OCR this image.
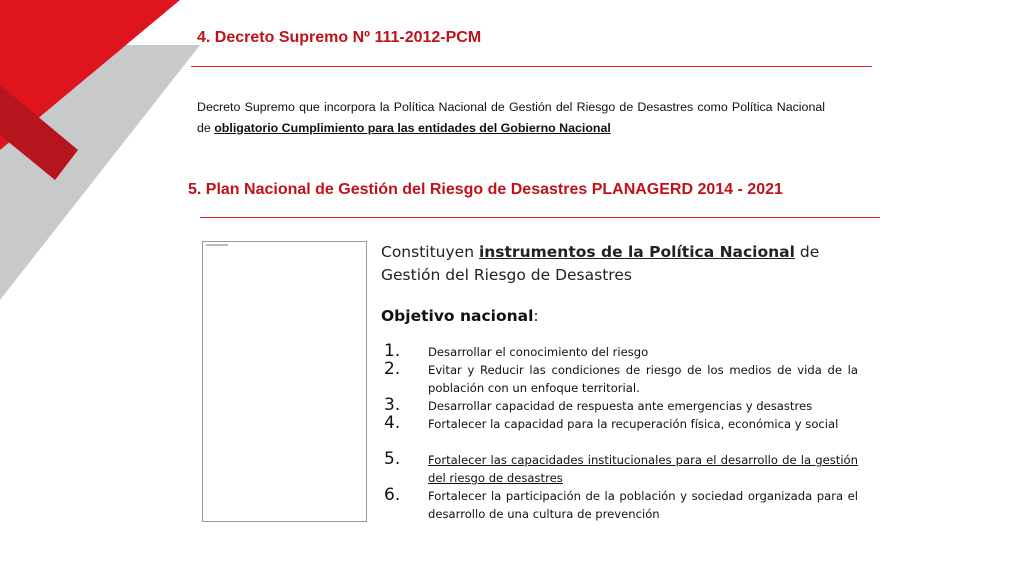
4. Decreto Supremo Nº 111-2012-PCM

Decreto Supremo que incorpora la Política Nacional de Gestión del Riesgo de Desastres como Política Nacional de obligatorio Cumplimiento para las entidades del Gobierno Nacional

5. Plan Nacional de Gestión del Riesgo de Desastres PLANAGERD 2014 - 2021

Constituyen instrumentos de la Política Nacional de Gestión del Riesgo de Desastres

Objetivo nacional:

1. Desarrollar el conocimiento del riesgo
2. Evitar y Reducir las condiciones de riesgo de los medios de vida de la población con un enfoque territorial.
3. Desarrollar capacidad de respuesta ante emergencias y desastres
4. Fortalecer la capacidad para la recuperación física, económica y social
5. Fortalecer las capacidades institucionales para el desarrollo de la gestión del riesgo de desastres
6. Fortalecer la participación de la población y sociedad organizada para el desarrollo de una cultura de prevención
